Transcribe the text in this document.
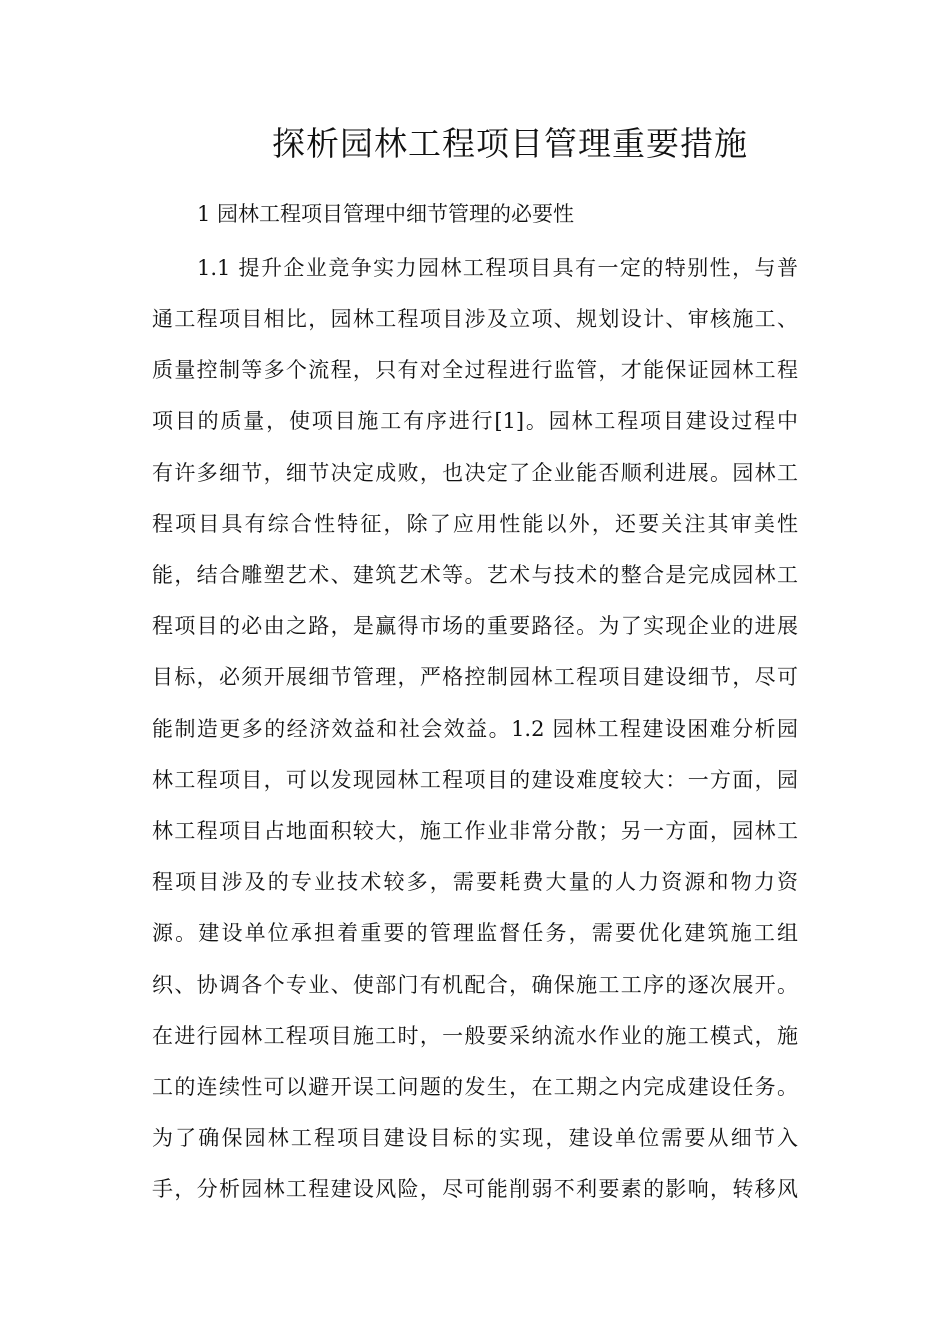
探析园林工程项目管理重要措施
1 园林工程项目管理中细节管理的必要性
1.1 提升企业竞争实力园林工程项目具有一定的特别性，与普
通工程项目相比，园林工程项目涉及立项、规划设计、审核施工、
质量控制等多个流程，只有对全过程进行监管，才能保证园林工程
项目的质量，使项目施工有序进行[1]。园林工程项目建设过程中
有许多细节，细节决定成败，也决定了企业能否顺利进展。园林工
程项目具有综合性特征，除了应用性能以外，还要关注其审美性
能，结合雕塑艺术、建筑艺术等。艺术与技术的整合是完成园林工
程项目的必由之路，是赢得市场的重要路径。为了实现企业的进展
目标，必须开展细节管理，严格控制园林工程项目建设细节，尽可
能制造更多的经济效益和社会效益。1.2 园林工程建设困难分析园
林工程项目，可以发现园林工程项目的建设难度较大：一方面，园
林工程项目占地面积较大，施工作业非常分散；另一方面，园林工
程项目涉及的专业技术较多，需要耗费大量的人力资源和物力资
源。建设单位承担着重要的管理监督任务，需要优化建筑施工组
织、协调各个专业、使部门有机配合，确保施工工序的逐次展开。
在进行园林工程项目施工时，一般要采纳流水作业的施工模式，施
工的连续性可以避开误工问题的发生，在工期之内完成建设任务。
为了确保园林工程项目建设目标的实现，建设单位需要从细节入
手，分析园林工程建设风险，尽可能削弱不利要素的影响，转移风
